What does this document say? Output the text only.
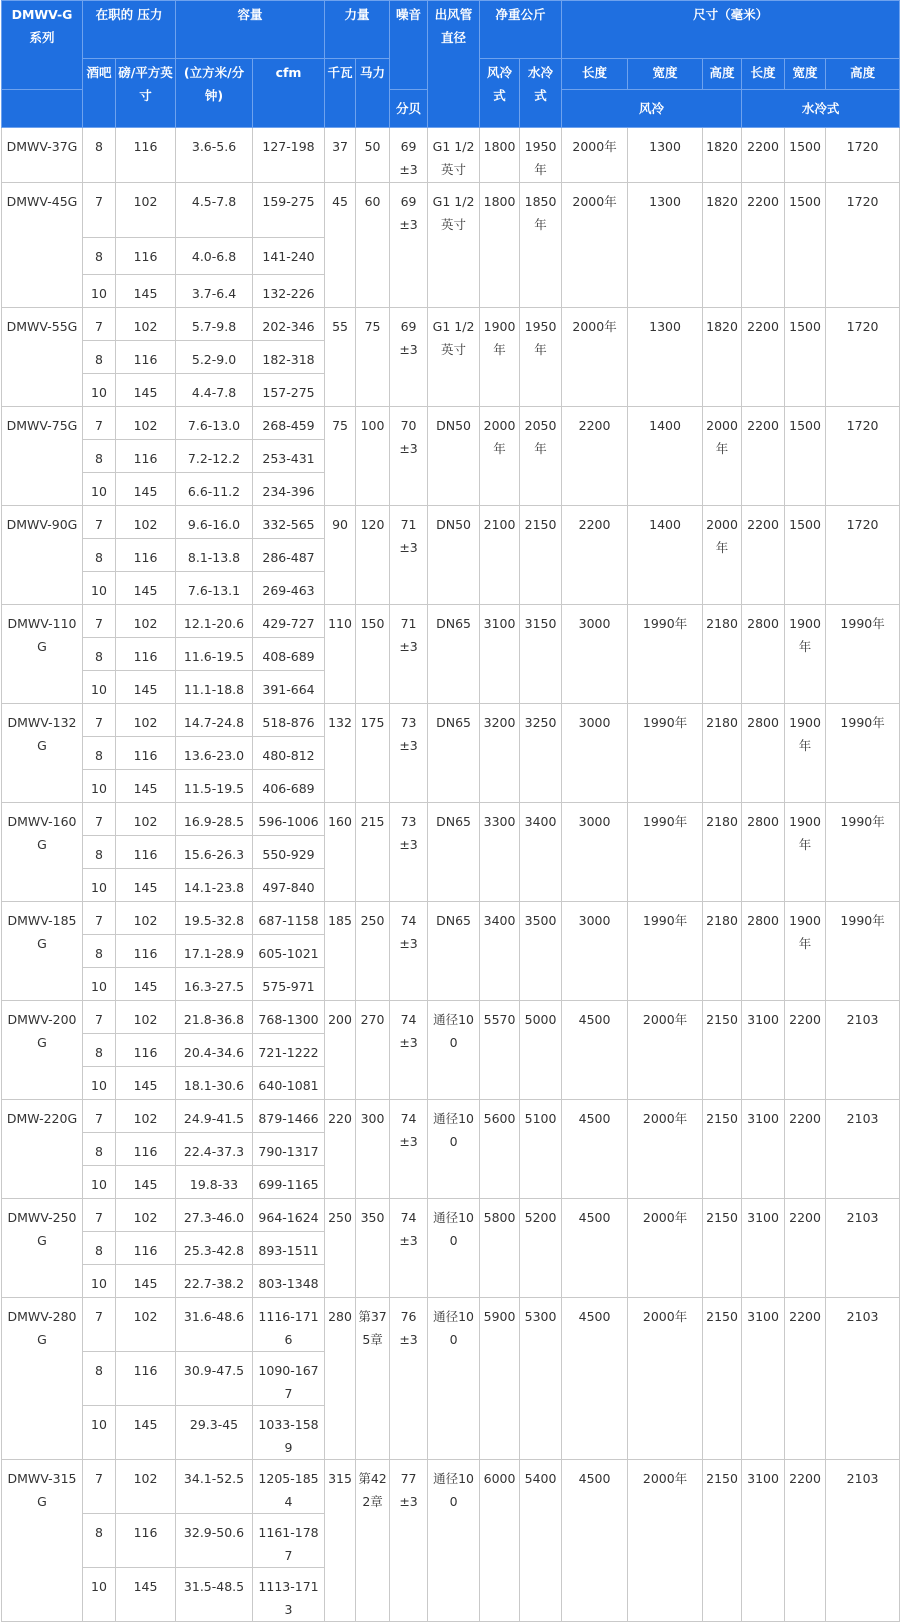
DMWV-G 系列	在职的 压力		容量		力量		噪音	出风管直径	净重公斤		尺寸（毫米）					
	酒吧	磅/平方英寸	(立方米/分钟)	cfm	千瓦	马力			风冷式	水冷式	长度	宽度	高度	长度	宽度	高度
							分贝				风冷			水冷式		
DMWV-37G	8	116	3.6-5.6	127-198	37	50	69±3	G1 1/2英寸	1800	1950年	2000年	1300	1820	2200	1500	1720
DMWV-45G	7	102	4.5-7.8	159-275	45	60	69±3	G1 1/2英寸	1800	1850年	2000年	1300	1820	2200	1500	1720
	8	116	4.0-6.8	141-240												
	10	145	3.7-6.4	132-226												
DMWV-55G	7	102	5.7-9.8	202-346	55	75	69±3	G1 1/2英寸	1900年	1950年	2000年	1300	1820	2200	1500	1720
	8	116	5.2-9.0	182-318												
	10	145	4.4-7.8	157-275												
DMWV-75G	7	102	7.6-13.0	268-459	75	100	70±3	DN50	2000年	2050年	2200	1400	2000年	2200	1500	1720
	8	116	7.2-12.2	253-431												
	10	145	6.6-11.2	234-396												
DMWV-90G	7	102	9.6-16.0	332-565	90	120	71±3	DN50	2100	2150	2200	1400	2000年	2200	1500	1720
	8	116	8.1-13.8	286-487												
	10	145	7.6-13.1	269-463												
DMWV-110G	7	102	12.1-20.6	429-727	110	150	71±3	DN65	3100	3150	3000	1990年	2180	2800	1900年	1990年
	8	116	11.6-19.5	408-689												
	10	145	11.1-18.8	391-664												
DMWV-132G	7	102	14.7-24.8	518-876	132	175	73±3	DN65	3200	3250	3000	1990年	2180	2800	1900年	1990年
	8	116	13.6-23.0	480-812												
	10	145	11.5-19.5	406-689												
DMWV-160G	7	102	16.9-28.5	596-1006	160	215	73±3	DN65	3300	3400	3000	1990年	2180	2800	1900年	1990年
	8	116	15.6-26.3	550-929												
	10	145	14.1-23.8	497-840												
DMWV-185G	7	102	19.5-32.8	687-1158	185	250	74±3	DN65	3400	3500	3000	1990年	2180	2800	1900年	1990年
	8	116	17.1-28.9	605-1021												
	10	145	16.3-27.5	575-971												
DMWV-200G	7	102	21.8-36.8	768-1300	200	270	74±3	通径100	5570	5000	4500	2000年	2150	3100	2200	2103
	8	116	20.4-34.6	721-1222												
	10	145	18.1-30.6	640-1081												
DMW-220G	7	102	24.9-41.5	879-1466	220	300	74±3	通径100	5600	5100	4500	2000年	2150	3100	2200	2103
	8	116	22.4-37.3	790-1317												
	10	145	19.8-33	699-1165												
DMWV-250G	7	102	27.3-46.0	964-1624	250	350	74±3	通径100	5800	5200	4500	2000年	2150	3100	2200	2103
	8	116	25.3-42.8	893-1511												
	10	145	22.7-38.2	803-1348												
DMWV-280G	7	102	31.6-48.6	1116-1716	280	第375章	76±3	通径100	5900	5300	4500	2000年	2150	3100	2200	2103
	8	116	30.9-47.5	1090-1677												
	10	145	29.3-45	1033-1589												
DMWV-315G	7	102	34.1-52.5	1205-1854	315	第422章	77±3	通径100	6000	5400	4500	2000年	2150	3100	2200	2103
	8	116	32.9-50.6	1161-1787												
	10	145	31.5-48.5	1113-1713												
